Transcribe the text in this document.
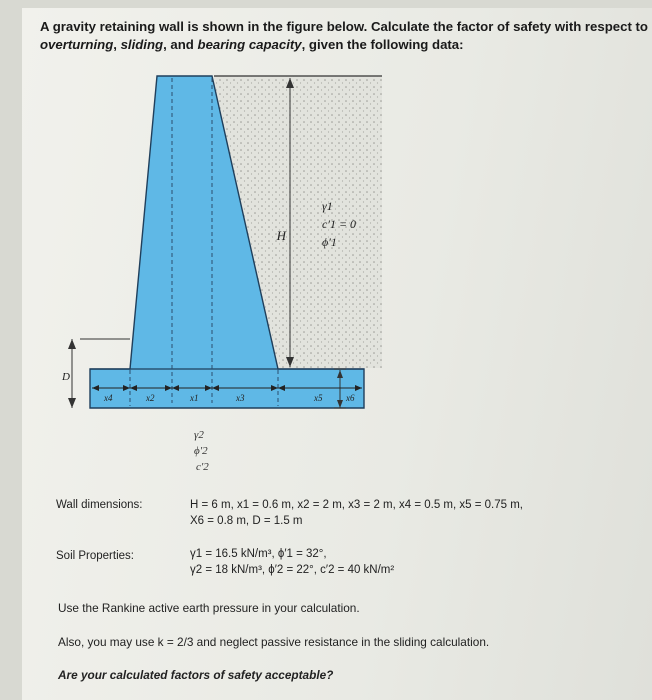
A gravity retaining wall is shown in the figure below. Calculate the factor of safety with respect to
overturning, sliding, and bearing capacity, given the following data:
H
D
x6
x4	x2	x1	x3	x5
γ1
c′1 = 0
ϕ′1
γ2
ϕ′2
c′2
Wall dimensions:	H = 6 m, x1 = 0.6 m, x2 = 2 m, x3 = 2 m, x4 = 0.5 m, x5 = 0.75 m,
X6 = 0.8 m, D = 1.5 m
Soil Properties:	γ1 = 16.5 kN/m³, ϕ′1 = 32°,
γ2 = 18 kN/m³, ϕ′2 = 22°, c′2 = 40 kN/m²
Use the Rankine active earth pressure in your calculation.
Also, you may use k = 2/3 and neglect passive resistance in the sliding calculation.
Are your calculated factors of safety acceptable?
